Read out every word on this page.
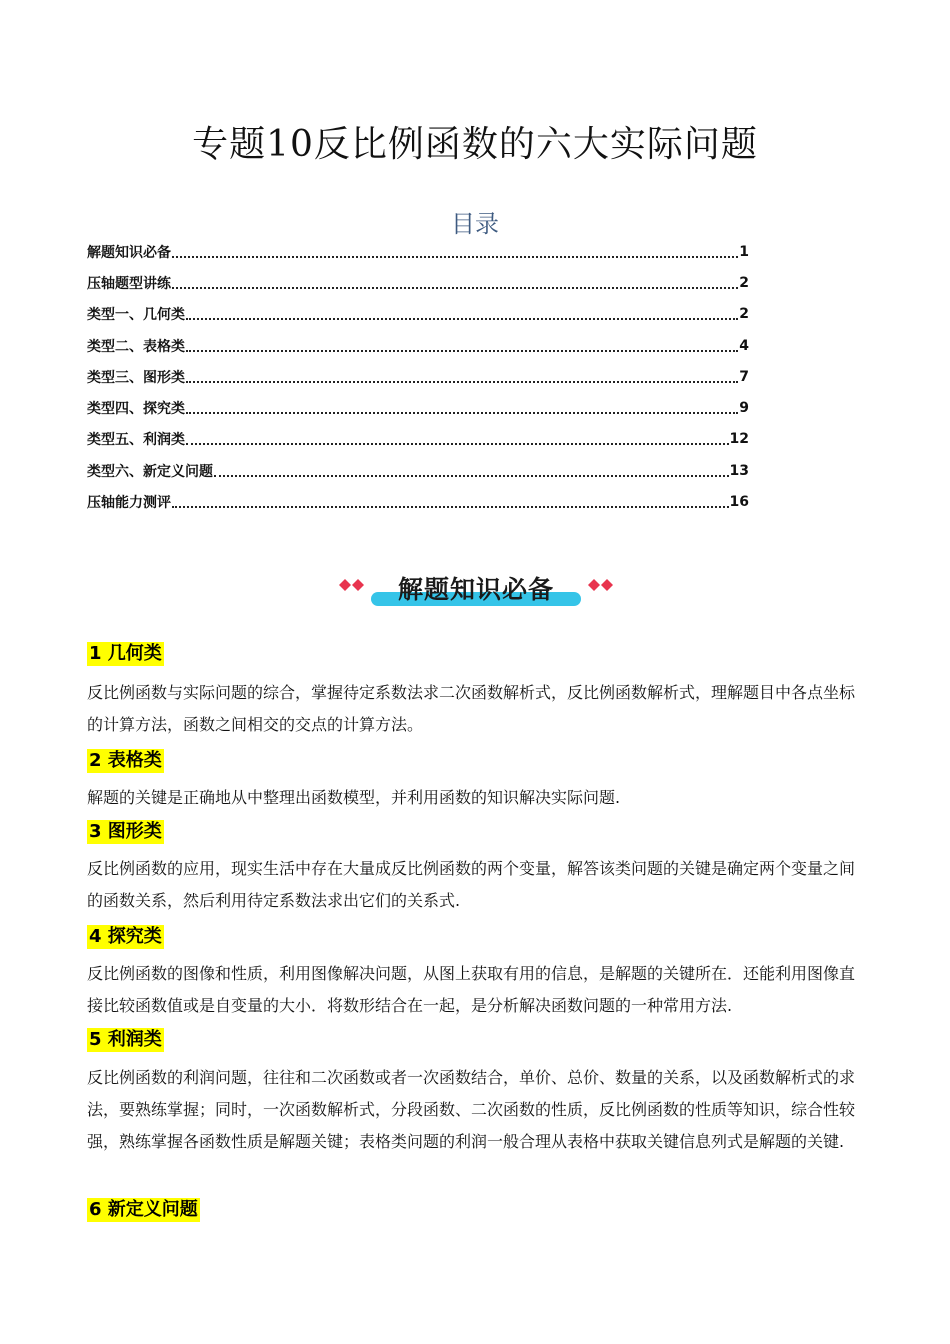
专题10反比例函数的六大实际问题
目录
解题知识必备	1
压轴题型讲练	2
类型一、几何类	2
类型二、表格类	4
类型三、图形类	7
类型四、探究类	9
类型五、利润类	12
类型六、新定义问题	13
压轴能力测评	16
解题知识必备
1 几何类
反比例函数与实际问题的综合，掌握待定系数法求二次函数解析式，反比例函数解析式，理解题目中各点坐标的计算方法，函数之间相交的交点的计算方法。
2 表格类
解题的关键是正确地从中整理出函数模型，并利用函数的知识解决实际问题.
3 图形类
反比例函数的应用，现实生活中存在大量成反比例函数的两个变量，解答该类问题的关键是确定两个变量之间的函数关系，然后利用待定系数法求出它们的关系式.
4 探究类
反比例函数的图像和性质，利用图像解决问题，从图上获取有用的信息，是解题的关键所在．还能利用图像直接比较函数值或是自变量的大小．将数形结合在一起，是分析解决函数问题的一种常用方法.
5 利润类
反比例函数的利润问题，往往和二次函数或者一次函数结合，单价、总价、数量的关系，以及函数解析式的求法，要熟练掌握；同时，一次函数解析式，分段函数、二次函数的性质，反比例函数的性质等知识，综合性较强，熟练掌握各函数性质是解题关键；表格类问题的利润一般合理从表格中获取关键信息列式是解题的关键.
6 新定义问题
